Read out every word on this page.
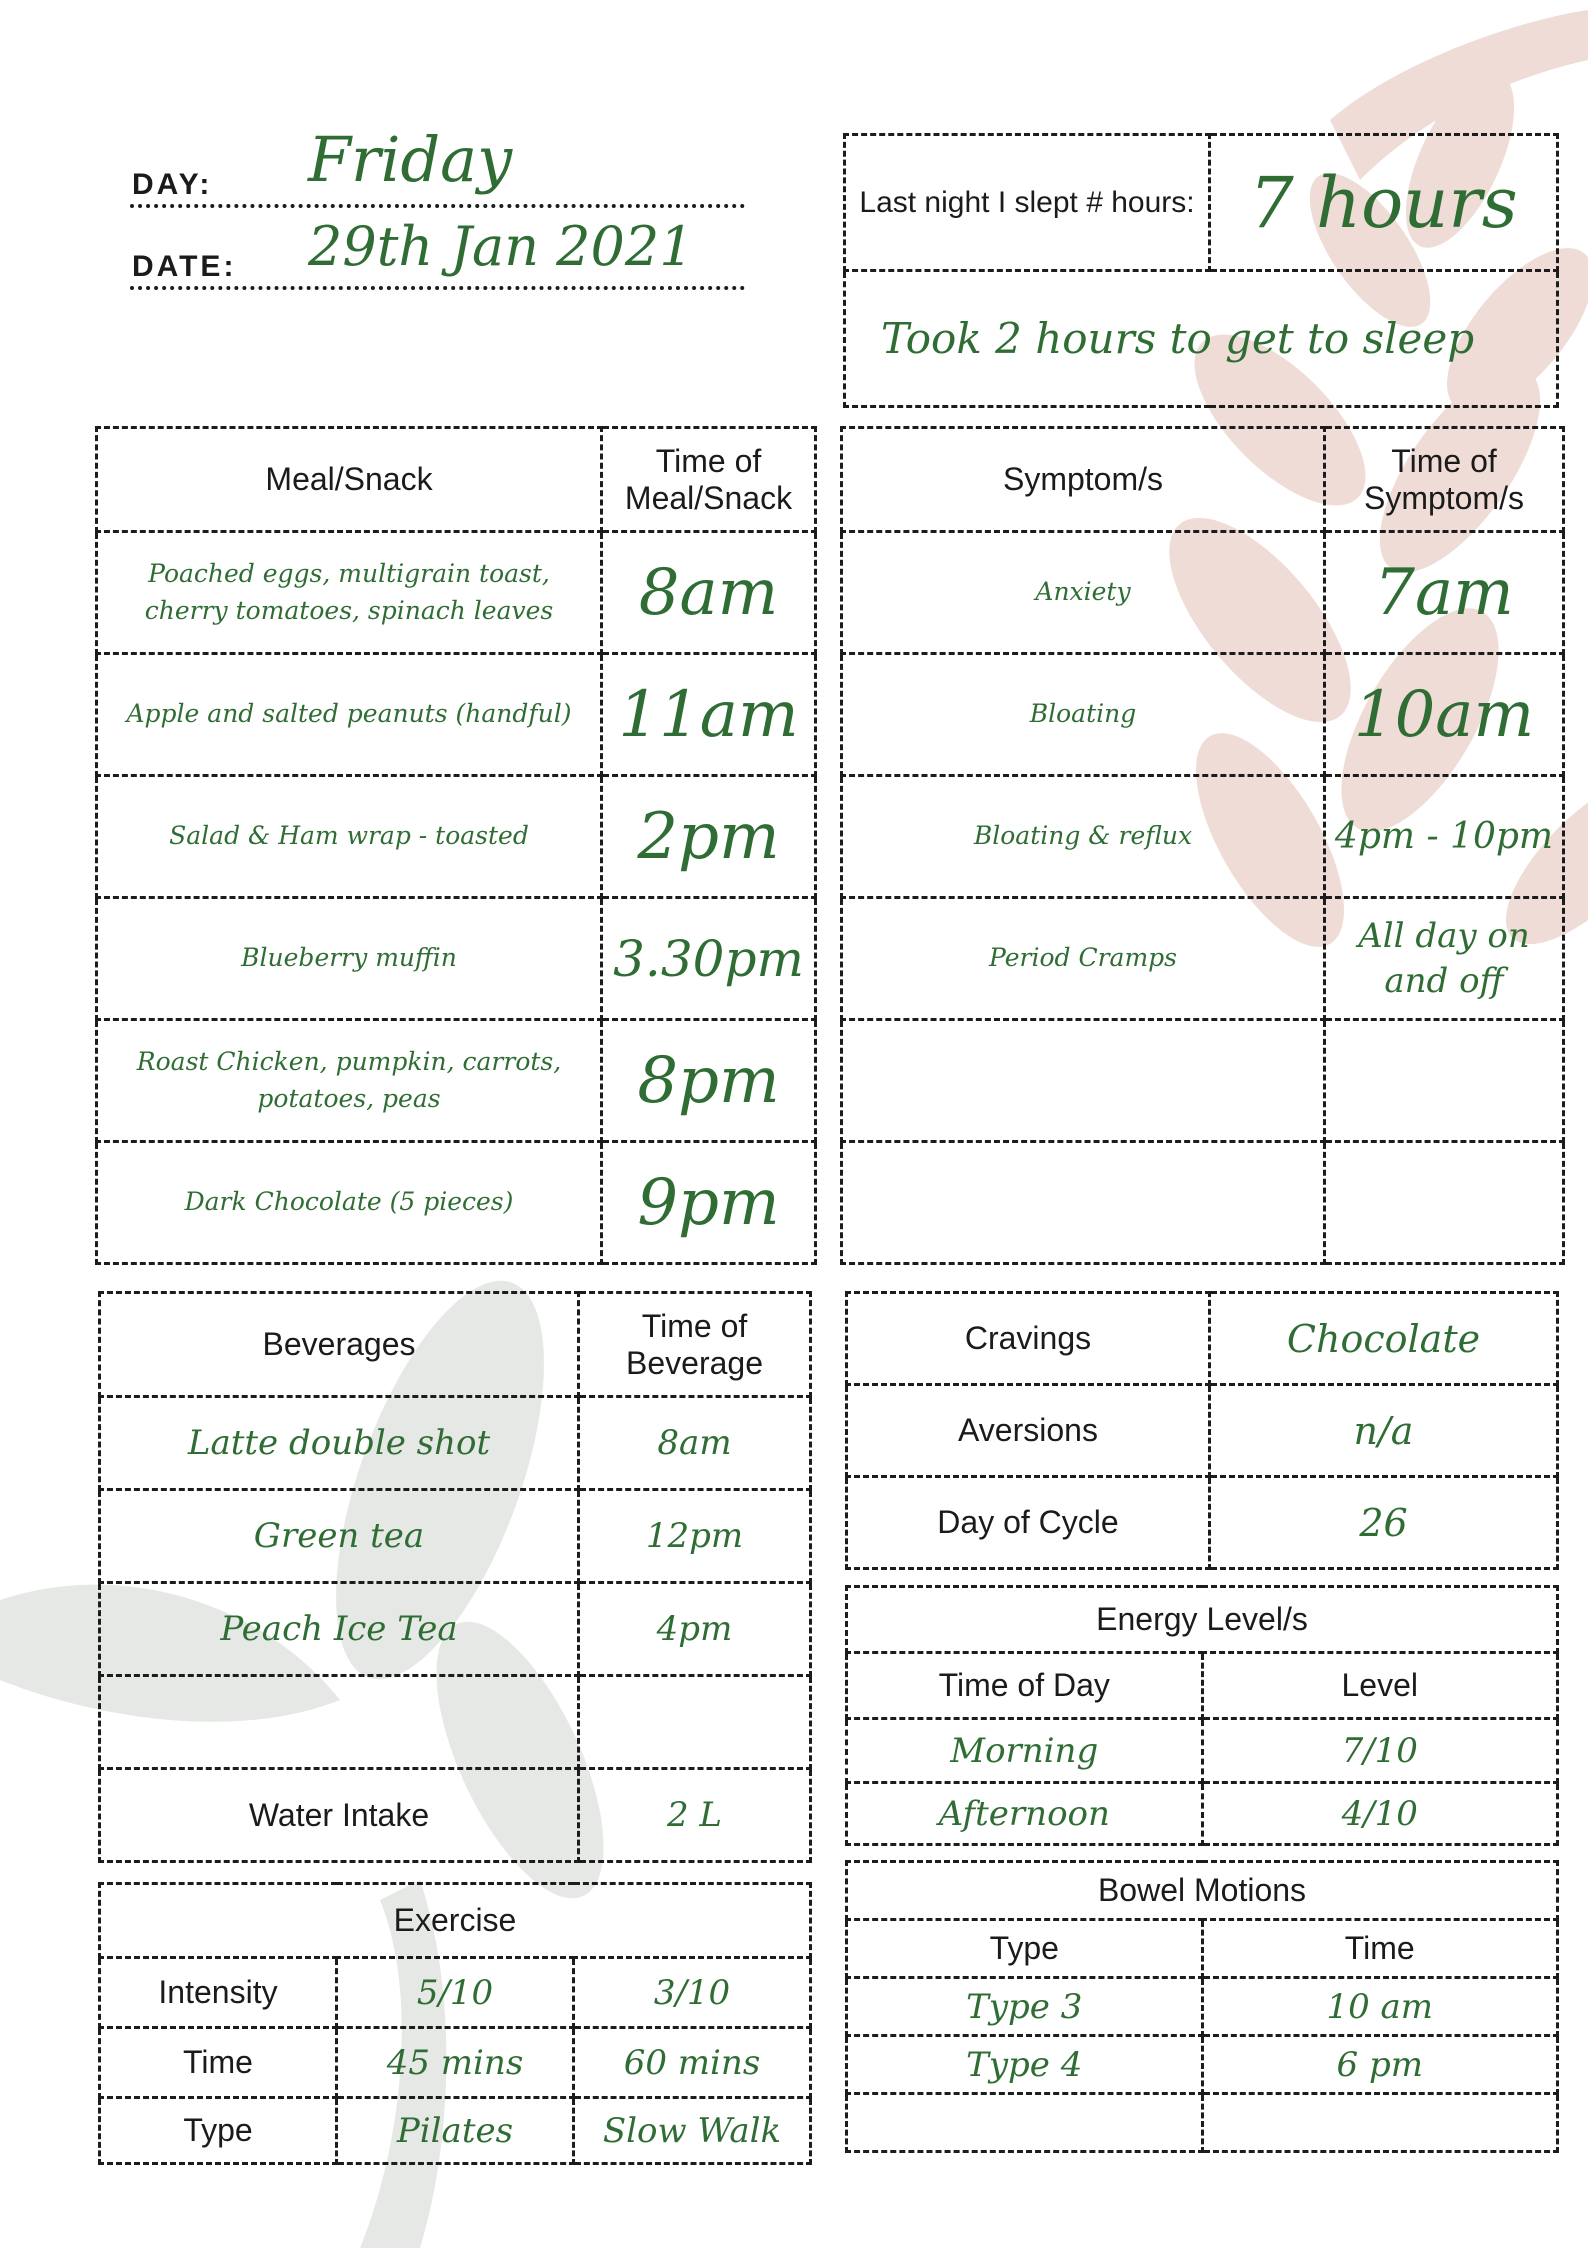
DAY: Friday
DATE: 29th Jan 2021
Last night I slept # hours:	7 hours
Took 2 hours to get to sleep
Meal/Snack	Time of Meal/Snack
Poached eggs, multigrain toast, cherry tomatoes, spinach leaves	8am
Apple and salted peanuts (handful)	11am
Salad & Ham wrap - toasted	2pm
Blueberry muffin	3.30pm
Roast Chicken, pumpkin, carrots, potatoes, peas	8pm
Dark Chocolate (5 pieces)	9pm
Symptom/s	Time of Symptom/s
Anxiety	7am
Bloating	10am
Bloating & reflux	4pm - 10pm
Period Cramps	All day on and off

Beverages	Time of Beverage
Latte double shot	8am
Green tea	12pm
Peach Ice Tea	4pm

Water Intake	2 L
Exercise		
Intensity	5/10	3/10
Time	45 mins	60 mins
Type	Pilates	Slow Walk
Cravings	Chocolate
Aversions	n/a
Day of Cycle	26
Energy Level/s	
Time of Day	Level
Morning	7/10
Afternoon	4/10
Bowel Motions	
Type	Time
Type 3	10 am
Type 4	6 pm
